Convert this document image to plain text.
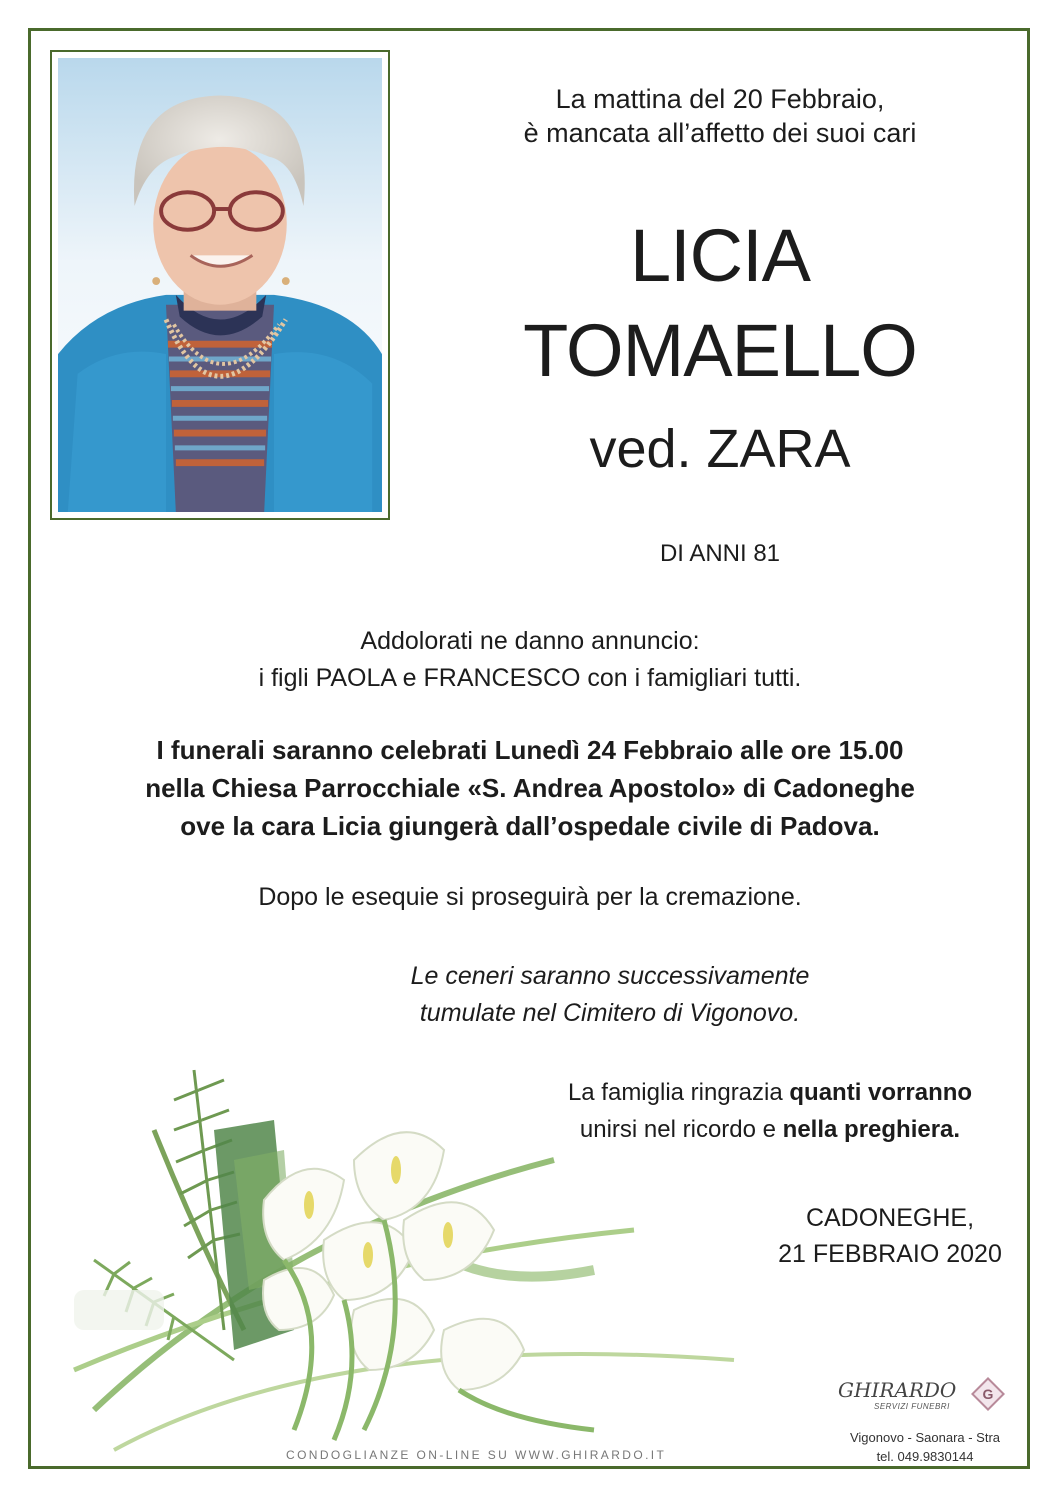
La mattina del 20 Febbraio,
è mancata all’affetto dei suoi cari
LICIA
TOMAELLO
ved. ZARA
DI ANNI 81
Addolorati ne danno annuncio:
i figli PAOLA e FRANCESCO con i famigliari tutti.
I funerali saranno celebrati Lunedì 24 Febbraio alle ore 15.00
nella Chiesa Parrocchiale «S. Andrea Apostolo» di Cadoneghe
ove la cara Licia giungerà dall’ospedale civile di Padova.
Dopo le esequie si proseguirà per la cremazione.
Le ceneri saranno successivamente
tumulate nel Cimitero di Vigonovo.
La famiglia ringrazia quanti vorranno
unirsi nel ricordo e nella preghiera.
CADONEGHE,
21 FEBBRAIO 2020
GHIRARDO
SERVIZI FUNEBRI
G
Vigonovo - Saonara - Stra
tel. 049.9830144
CONDOGLIANZE ON-LINE SU WWW.GHIRARDO.IT
